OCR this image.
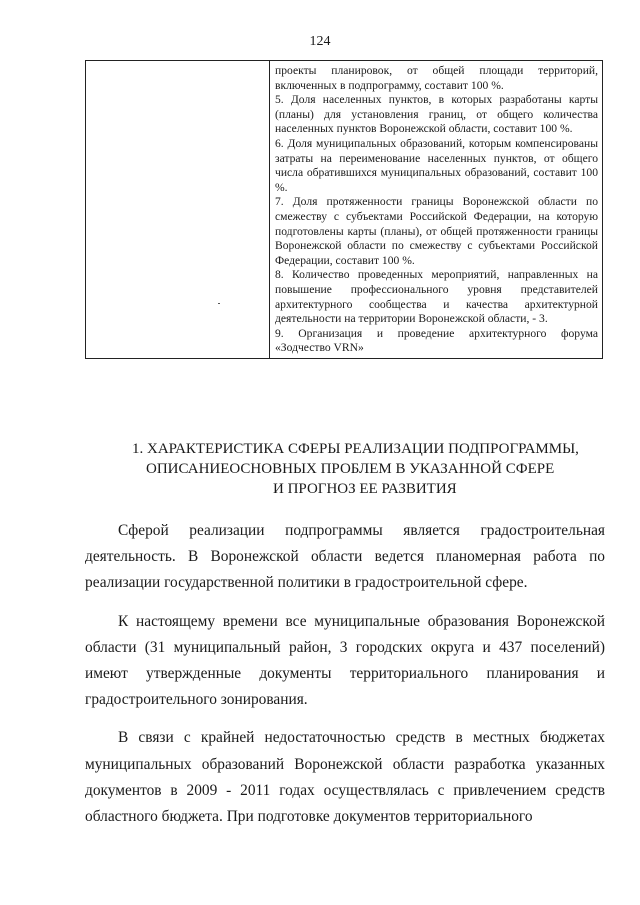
124

проекты планировок, от общей площади территорий, включенных в подпрограмму, составит 100 %.

5. Доля населенных пунктов, в которых разработаны карты (планы) для установления границ, от общего количества населенных пунктов Воронежской области, составит 100 %.

6. Доля муниципальных образований, которым компенсированы затраты на переименование населенных пунктов, от общего числа обратившихся муниципальных образований, составит 100 %.

7. Доля протяженности границы Воронежской области по смежеству с субъектами Российской Федерации, на которую подготовлены карты (планы), от общей протяженности границы Воронежской области по смежеству с субъектами Российской Федерации, составит 100 %.

8. Количество проведенных мероприятий, направленных на повышение профессионального уровня представителей архитектурного сообщества и качества архитектурной деятельности на территории Воронежской области, - 3.

9. Организация и проведение архитектурного форума «Зодчество VRN»

1. ХАРАКТЕРИСТИКА СФЕРЫ РЕАЛИЗАЦИИ ПОДПРОГРАММЫ,
ОПИСАНИЕОСНОВНЫХ ПРОБЛЕМ В УКАЗАННОЙ СФЕРЕ
И ПРОГНОЗ ЕЕ РАЗВИТИЯ

Сферой реализации подпрограммы является градостроительная деятельность. В Воронежской области ведется планомерная работа по реализации государственной политики в градостроительной сфере.

К настоящему времени все муниципальные образования Воронежской области (31 муниципальный район, 3 городских округа и 437 поселений) имеют утвержденные документы территориального планирования и градостроительного зонирования.

В связи с крайней недостаточностью средств в местных бюджетах муниципальных образований Воронежской области разработка указанных документов в 2009 - 2011 годах осуществлялась с привлечением средств областного бюджета. При подготовке документов территориального
